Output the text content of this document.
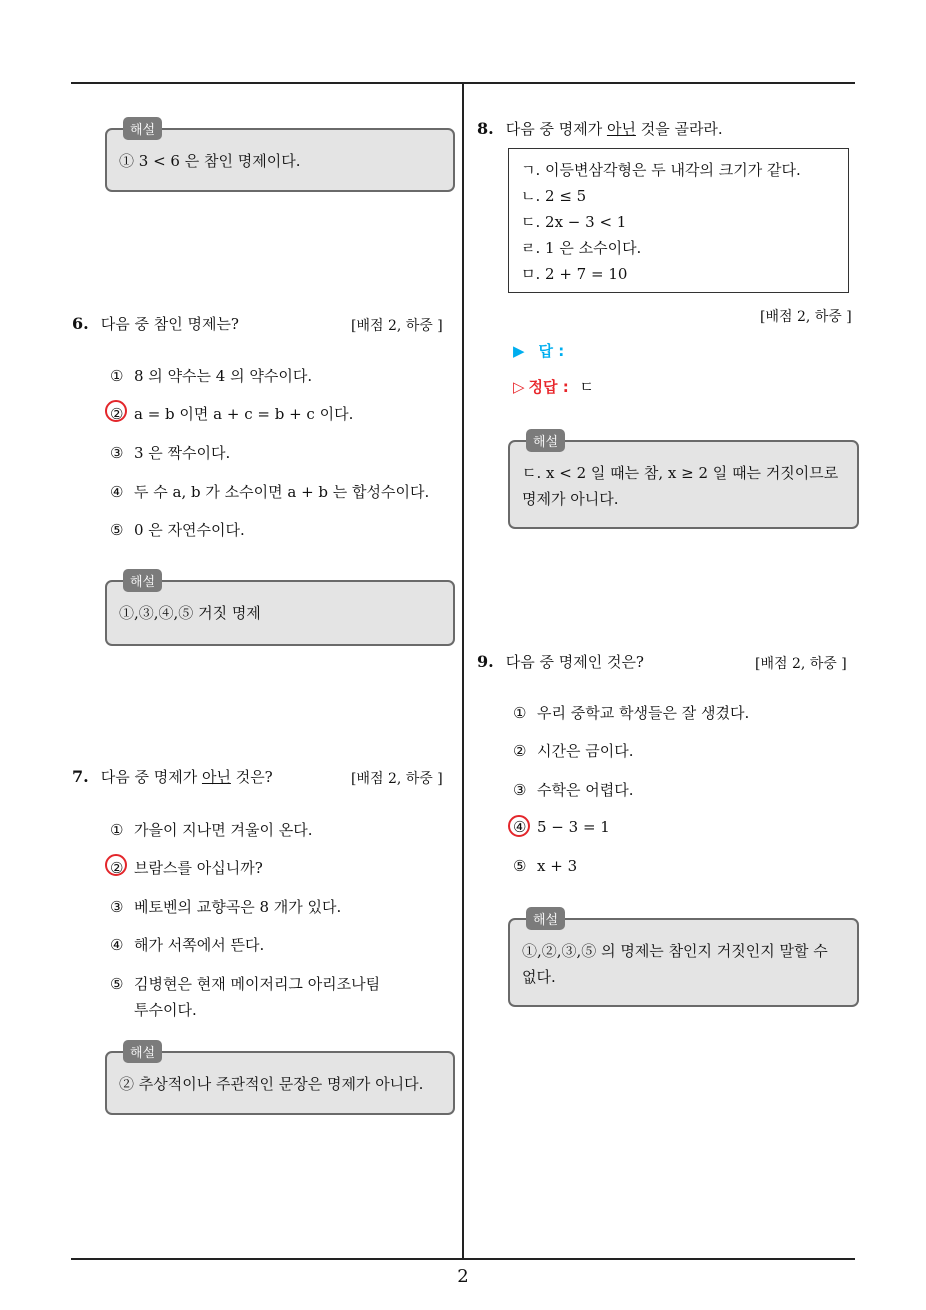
해설
① 3 < 6 은 참인 명제이다.
6. 다음 중 참인 명제는?	[배점 2, 하중 ]
① 8 의 약수는 4 의 약수이다.
② a = b 이면 a + c = b + c 이다.
③ 3 은 짝수이다.
④ 두 수 a, b 가 소수이면 a + b 는 합성수이다.
⑤ 0 은 자연수이다.
해설
①,③,④,⑤ 거짓 명제
7. 다음 중 명제가 아닌 것은?	[배점 2, 하중 ]
① 가을이 지나면 겨울이 온다.
② 브람스를 아십니까?
③ 베토벤의 교향곡은 8 개가 있다.
④ 해가 서쪽에서 뜬다.
⑤ 김병현은 현재 메이저리그 아리조나팀
투수이다.
해설
② 추상적이나 주관적인 문장은 명제가 아니다.
8. 다음 중 명제가 아닌 것을 골라라.
ㄱ. 이등변삼각형은 두 내각의 크기가 같다.
ㄴ. 2 ≤ 5
ㄷ. 2x − 3 < 1
ㄹ. 1 은 소수이다.
ㅁ. 2 + 7 = 10
[배점 2, 하중 ]
▶ 답 :
▷ 정답 : ㄷ
해설
ㄷ. x < 2 일 때는 참, x ≥ 2 일 때는 거짓이므로 명제가 아니다.
9. 다음 중 명제인 것은?	[배점 2, 하중 ]
① 우리 중학교 학생들은 잘 생겼다.
② 시간은 금이다.
③ 수학은 어렵다.
④ 5 − 3 = 1
⑤ x + 3
해설
①,②,③,⑤ 의 명제는 참인지 거짓인지 말할 수 없다.
2
